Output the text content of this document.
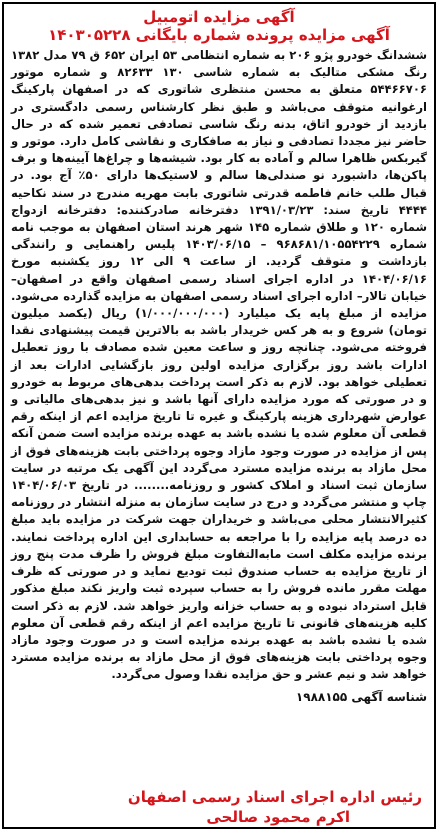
آگهی مزایده اتومبیل

آگهی مزایده پرونده شماره بایگانی ۱۴۰۳۰۵۲۲۸

ششدانگ خودرو پژو ۲۰۶ به شماره انتظامی ۵۳ ایران ۶۵۲ ق ۷۹ مدل ۱۳۸۲ رنگ مشکی متالیک به شماره شاسی ۱۳۰ ۸۲۶۳۳ و شماره موتور ۵۴۴۶۶۷۰۶ متعلق به محسن منتظری شاتوری که در اصفهان پارکینگ ارغوانیه متوقف می‌باشد و طبق نظر کارشناس رسمی دادگستری در بازدید از خودرو اتاق، بدنه رنگ شاسی تصادفی تعمیر شده که در حال حاضر نیز مجددا تصادفی و نیاز به صافکاری و نقاشی کامل دارد. موتور و گیربکس ظاهرا سالم و آماده به کار بود. شیشه‌ها و چراغ‌ها آیینه‌ها و برف پاکن‌ها، داشبورد نو صندلی‌ها سالم و لاستیک‌ها دارای ۵۰٪ آج بود. در قبال طلب خانم فاطمه قدرتی شاتوری بابت مهریه مندرج در سند نکاحیه ۴۴۴۴ تاریخ سند: ۱۳۹۱/۰۳/۲۳ دفترخانه صادرکننده: دفترخانه ازدواج شماره ۱۲۰ و طلاق شماره ۱۴۵ شهر هرند استان اصفهان به موجب نامه شماره ۹۶۸۶۸۱/۱۰۵۵۴۲۲۹ – ۱۴۰۳/۰۶/۱۵ پلیس راهنمایی و رانندگی بازداشت و متوقف گردید. از ساعت ۹ الی ۱۲ روز یکشنبه مورخ ۱۴۰۴/۰۶/۱۶ در اداره اجرای اسناد رسمی اصفهان واقع در اصفهان– خیابان تالار– اداره اجرای اسناد رسمی اصفهان به مزایده گذارده می‌شود. مزایده از مبلغ پایه یک میلیارد (۱/۰۰۰/۰۰۰/۰۰۰) ریال (یکصد میلیون تومان) شروع و به هر کس خریدار باشد به بالاترین قیمت پیشنهادی نقدا فروخته می‌شود. چنانچه روز و ساعت معین شده مصادف با روز تعطیل ادارات باشد روز برگزاری مزایده اولین روز بازگشایی ادارات بعد از تعطیلی خواهد بود. لازم به ذکر است پرداخت بدهی‌های مربوط به خودرو و در صورتی که مورد مزایده دارای آنها باشد و نیز بدهی‌های مالیاتی و عوارض شهرداری هزینه پارکینگ و غیره تا تاریخ مزایده اعم از اینکه رقم قطعی آن معلوم شده یا نشده باشد به عهده برنده مزایده است ضمن آنکه پس از مزایده در صورت وجود مازاد وجوه پرداختی بابت هزینه‌های فوق از محل مازاد به برنده مزایده مسترد می‌گردد این آگهی یک مرتبه در سایت سازمان ثبت اسناد و املاک کشور و روزنامه........ در تاریخ ۱۴۰۴/۰۶/۰۳ چاپ و منتشر می‌گردد و درج در سایت سازمان به منزله انتشار در روزنامه کثیرالانتشار محلی می‌باشد و خریداران جهت شرکت در مزایده باید مبلغ ده درصد پایه مزایده را با مراجعه به حسابداری این اداره پرداخت نمایند. برنده مزایده مکلف است مابه‌التفاوت مبلغ فروش را ظرف مدت پنج روز از تاریخ مزایده به حساب صندوق ثبت تودیع نماید و در صورتی که ظرف مهلت مقرر مانده فروش را به حساب سپرده ثبت واریز نکند مبلغ مذکور قابل استرداد نبوده و به حساب خزانه واریز خواهد شد. لازم به ذکر است کلیه هزینه‌های قانونی تا تاریخ مزایده اعم از اینکه رقم قطعی آن معلوم شده یا نشده باشد به عهده برنده مزایده است و در صورت وجود مازاد وجوه پرداختی بابت هزینه‌های فوق از محل مازاد به برنده مزایده مسترد خواهد شد و نیم عشر و حق مزایده نقدا وصول می‌گردد.

شناسه آگهی ۱۹۸۸۱۵۵

رئیس اداره اجرای اسناد رسمی اصفهان

اکرم محمود صالحی
